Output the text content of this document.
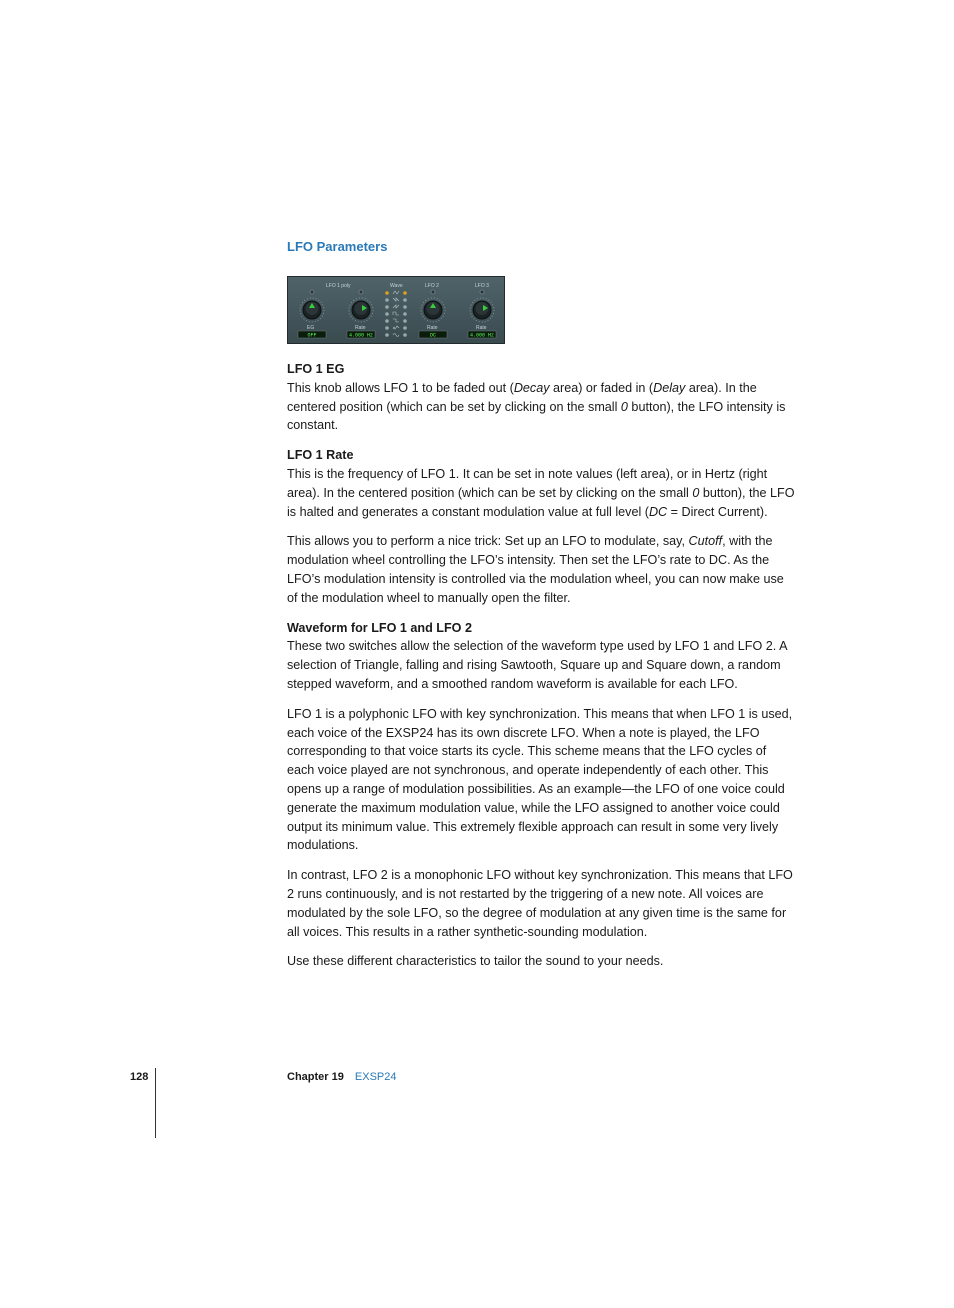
LFO Parameters
LFO 1 poly	Wave	LFO 2	LFO 3
EG
OFF
Rate
4.000 Hz
Rate
DC
Rate
4.000 Hz
LFO 1 EG

This knob allows LFO 1 to be faded out (Decay area) or faded in (Delay area). In the centered position (which can be set by clicking on the small 0 button), the LFO intensity is constant.

LFO 1 Rate

This is the frequency of LFO 1. It can be set in note values (left area), or in Hertz (right area). In the centered position (which can be set by clicking on the small 0 button), the LFO is halted and generates a constant modulation value at full level (DC = Direct Current).

This allows you to perform a nice trick: Set up an LFO to modulate, say, Cutoff, with the modulation wheel controlling the LFO’s intensity. Then set the LFO’s rate to DC. As the LFO’s modulation intensity is controlled via the modulation wheel, you can now make use of the modulation wheel to manually open the filter.

Waveform for LFO 1 and LFO 2

These two switches allow the selection of the waveform type used by LFO 1 and LFO 2. A selection of Triangle, falling and rising Sawtooth, Square up and Square down, a random stepped waveform, and a smoothed random waveform is available for each LFO.

LFO 1 is a polyphonic LFO with key synchronization. This means that when LFO 1 is used, each voice of the EXSP24 has its own discrete LFO. When a note is played, the LFO corresponding to that voice starts its cycle. This scheme means that the LFO cycles of each voice played are not synchronous, and operate independently of each other. This opens up a range of modulation possibilities. As an example—the LFO of one voice could generate the maximum modulation value, while the LFO assigned to another voice could output its minimum value. This extremely flexible approach can result in some very lively modulations.

In contrast, LFO 2 is a monophonic LFO without key synchronization. This means that LFO 2 runs continuously, and is not restarted by the triggering of a new note. All voices are modulated by the sole LFO, so the degree of modulation at any given time is the same for all voices. This results in a rather synthetic-sounding modulation.

Use these different characteristics to tailor the sound to your needs.

128	Chapter 19 EXSP24
